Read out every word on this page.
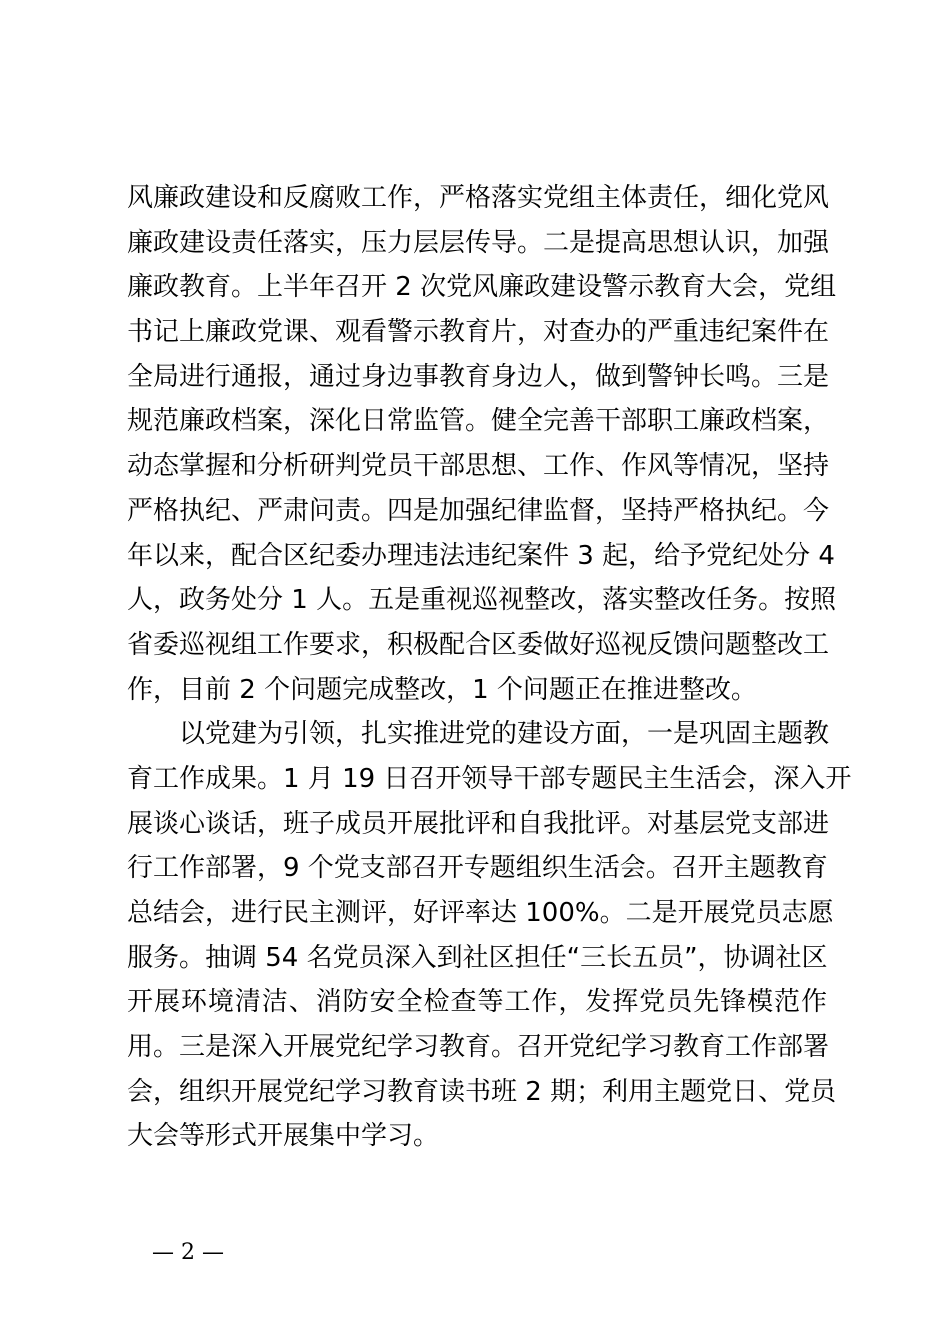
风廉政建设和反腐败工作，严格落实党组主体责任，细化党风
廉政建设责任落实，压力层层传导。二是提高思想认识，加强
廉政教育。上半年召开 2 次党风廉政建设警示教育大会，党组
书记上廉政党课、观看警示教育片，对查办的严重违纪案件在
全局进行通报，通过身边事教育身边人，做到警钟长鸣。三是
规范廉政档案，深化日常监管。健全完善干部职工廉政档案，
动态掌握和分析研判党员干部思想、工作、作风等情况，坚持
严格执纪、严肃问责。四是加强纪律监督，坚持严格执纪。今
年以来，配合区纪委办理违法违纪案件 3 起，给予党纪处分 4
人，政务处分 1 人。五是重视巡视整改，落实整改任务。按照
省委巡视组工作要求，积极配合区委做好巡视反馈问题整改工
作，目前 2 个问题完成整改，1 个问题正在推进整改。
以党建为引领，扎实推进党的建设方面，一是巩固主题教
育工作成果。1 月 19 日召开领导干部专题民主生活会，深入开
展谈心谈话，班子成员开展批评和自我批评。对基层党支部进
行工作部署，9 个党支部召开专题组织生活会。召开主题教育
总结会，进行民主测评，好评率达 100%。二是开展党员志愿
服务。抽调 54 名党员深入到社区担任“三长五员”，协调社区
开展环境清洁、消防安全检查等工作，发挥党员先锋模范作
用。三是深入开展党纪学习教育。召开党纪学习教育工作部署
会，组织开展党纪学习教育读书班 2 期；利用主题党日、党员
大会等形式开展集中学习。
— 2 —
